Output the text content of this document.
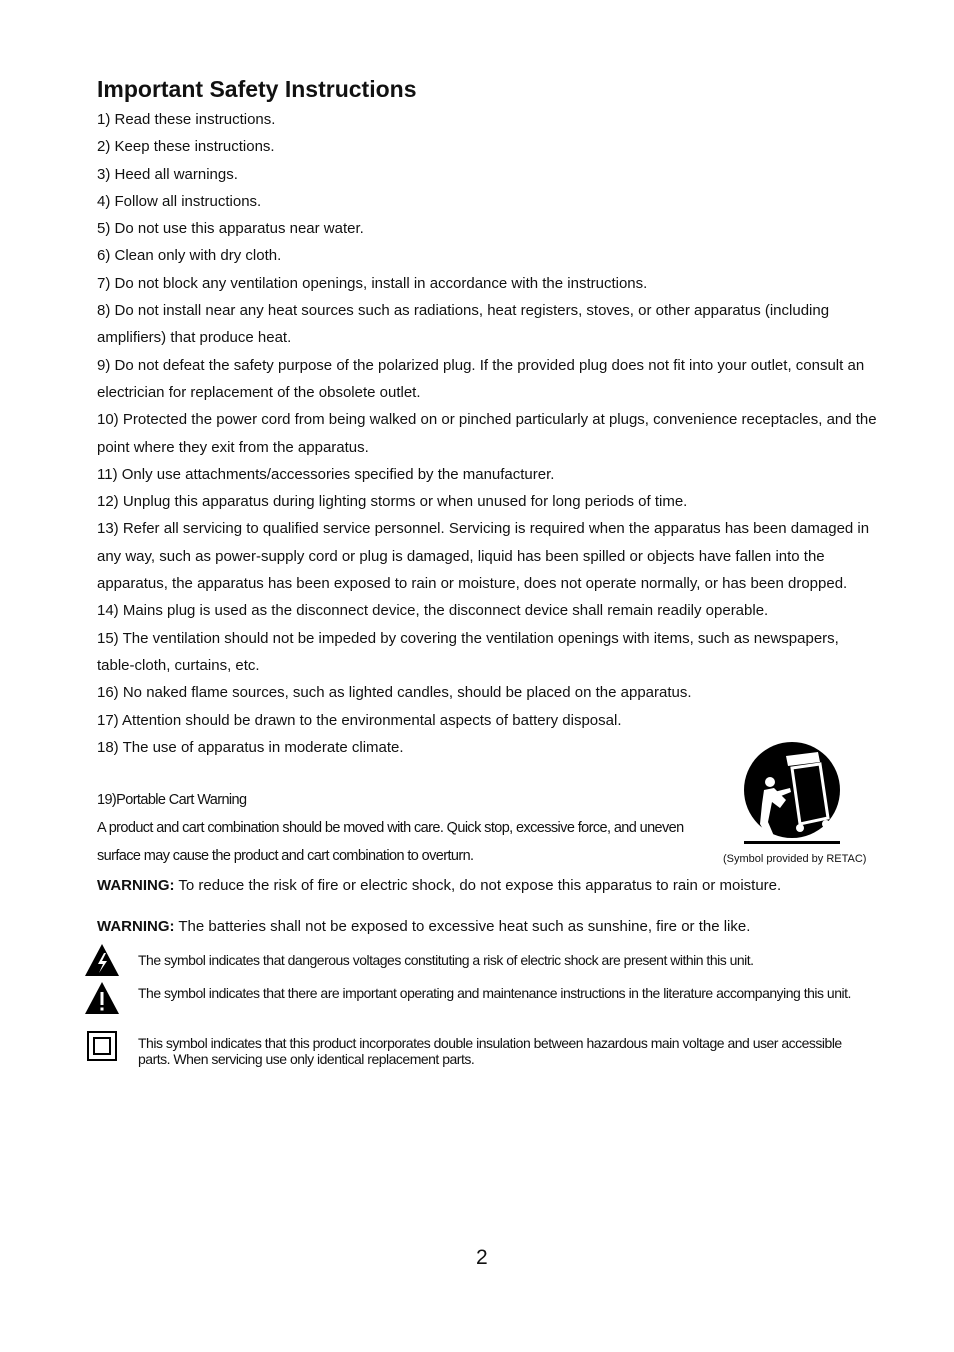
Important Safety Instructions
1) Read these instructions.
2) Keep these instructions.
3) Heed all warnings.
4) Follow all instructions.
5) Do not use this apparatus near water.
6) Clean only with dry cloth.
7) Do not block any ventilation openings, install in accordance with the instructions.
8) Do not install near any heat sources such as radiations, heat registers, stoves, or other apparatus (including amplifiers) that produce heat.
9) Do not defeat the safety purpose of the polarized plug. If the provided plug does not fit into your outlet, consult an electrician for replacement of the obsolete outlet.
10) Protected the power cord from being walked on or pinched particularly at plugs, convenience receptacles, and the point where they exit from the apparatus.
11) Only use attachments/accessories specified by the manufacturer.
12) Unplug this apparatus during lighting storms or when unused for long periods of time.
13) Refer all servicing to qualified service personnel. Servicing is required when the apparatus has been damaged in any way, such as power-supply cord or plug is damaged, liquid has been spilled or objects have fallen into the apparatus, the apparatus has been exposed to rain or moisture, does not operate normally, or has been dropped.
14) Mains plug is used as the disconnect device, the disconnect device shall remain readily operable.
15) The ventilation should not be impeded by covering the ventilation openings with items, such as newspapers, table-cloth, curtains, etc.
16) No naked flame sources, such as lighted candles, should be placed on the apparatus.
17) Attention should be drawn to the environmental aspects of battery disposal.
18) The use of apparatus in moderate climate.
19)Portable Cart Warning
A product and cart combination should be moved with care. Quick stop, excessive force, and uneven surface may cause the product and cart combination to overturn.	(Symbol provided by RETAC)
WARNING: To reduce the risk of fire or electric shock, do not expose this apparatus to rain or moisture.
WARNING: The batteries shall not be exposed to excessive heat such as sunshine, fire or the like.
The symbol indicates that dangerous voltages constituting a risk of electric shock are present within this unit.
The symbol indicates that there are important operating and maintenance instructions in the literature accompanying this unit.
This symbol indicates that this product incorporates double insulation between hazardous main voltage and user accessible parts. When servicing use only identical replacement parts.
2
